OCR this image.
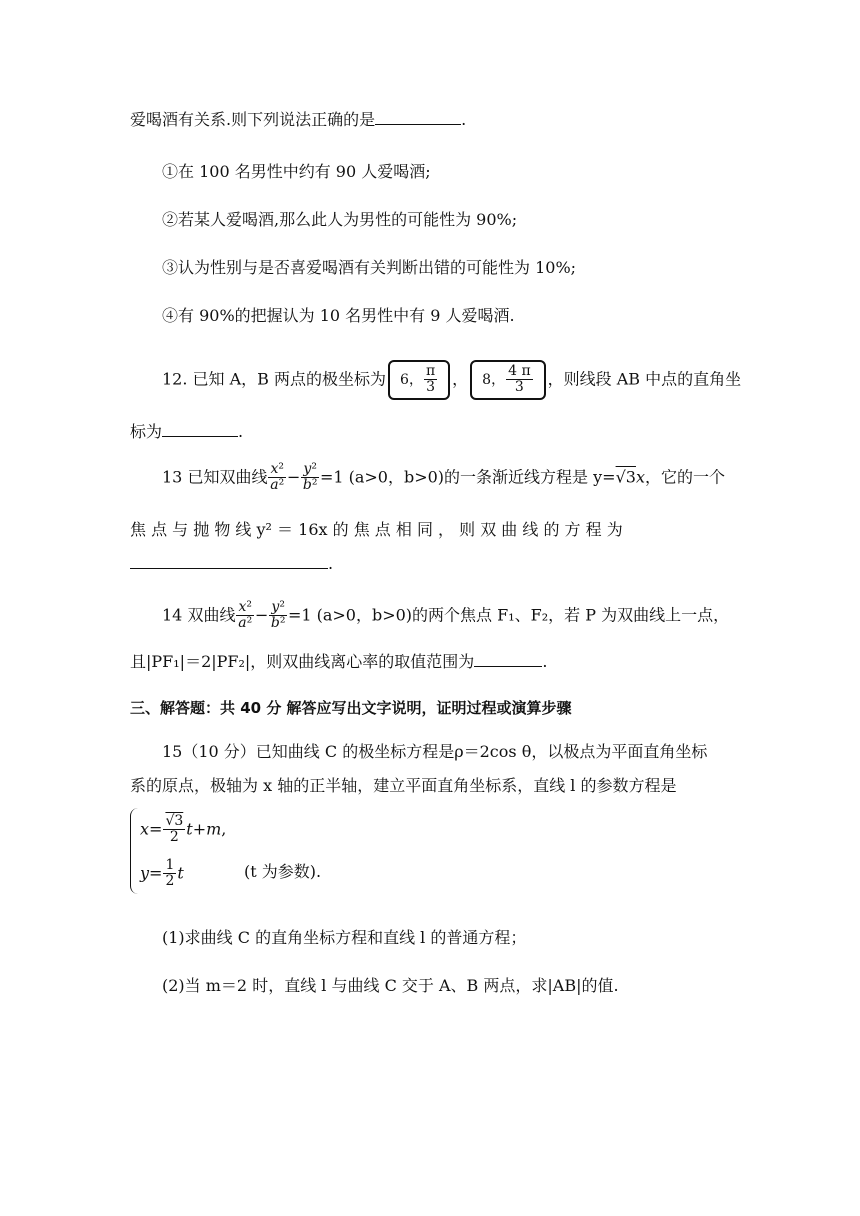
爱喝酒有关系.则下列说法正确的是	.
①在 100 名男性中约有 90 人爱喝酒;
②若某人爱喝酒,那么此人为男性的可能性为 90%;
③认为性别与是否喜爱喝酒有关判断出错的可能性为 10%;
④有 90%的把握认为 10 名男性中有 9 人爱喝酒.
12. 已知 A，B 两点的极坐标为 6， $\frac{\pi}{3}$ ， 8， $\frac{4 \pi}{3}$ ，则线段 AB 中点的直角坐
标为	.
13 已知双曲线 $\frac{\text{x²}}{\text{a²}} - \frac{\text{y²}}{\text{b²}} =1$ (a>0，b>0)的一条渐近线方程是 y=√3x，它的一个
焦 点 与 抛 物 线 y² ＝ 16x 的 焦 点 相 同 ， 则 双 曲 线 的 方 程 为
.
14 双曲线 $\frac{\text{x²}}{\text{a²}} - \frac{\text{y²}}{\text{b²}} =1$ (a>0，b>0)的两个焦点 F₁、F₂，若 P 为双曲线上一点，
且|PF₁|＝2|PF₂|，则双曲线离心率的取值范围为	.
三、解答题：共 40 分 解答应写出文字说明，证明过程或演算步骤
15（10 分）已知曲线 C 的极坐标方程是ρ＝2cos θ，以极点为平面直角坐标
系的原点，极轴为 x 轴的正半轴，建立平面直角坐标系，直线 l 的参数方程是
$x= \frac{√3}{2} t+m$,
$y= \frac{1}{2}$ t	(t 为参数).
(1)求曲线 C 的直角坐标方程和直线 l 的普通方程；
(2)当 m＝2 时，直线 l 与曲线 C 交于 A、B 两点，求|AB|的值.
